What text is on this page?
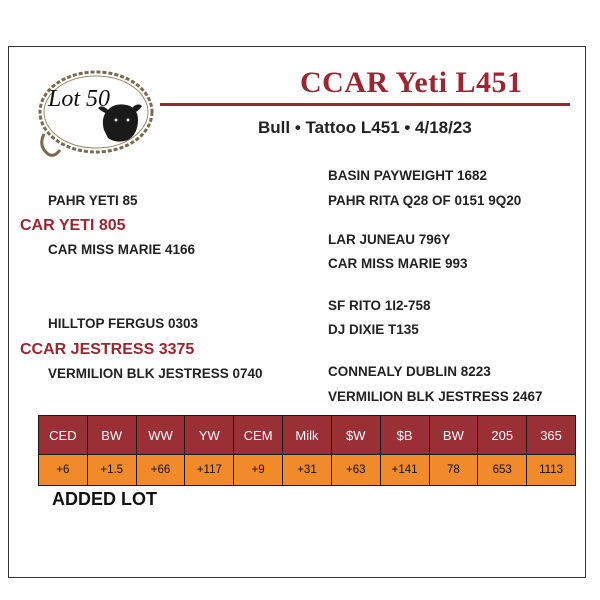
Lot 50	CCAR Yeti L451
Bull • Tattoo L451 • 4/18/23
BASIN PAYWEIGHT 1682
PAHR YETI 85	PAHR RITA Q28 OF 0151 9Q20
CAR YETI 805
LAR JUNEAU 796Y
CAR MISS MARIE 4166
CAR MISS MARIE 993
SF RITO 1I2-758
HILLTOP FERGUS 0303	DJ DIXIE T135
CCAR JESTRESS 3375
CONNEALY DUBLIN 8223
VERMILION BLK JESTRESS 0740
VERMILION BLK JESTRESS 2467
CED	BW	WW	YW	CEM	Milk	$W	$B	BW	205	365
+6	+1.5	+66	+117	+9	+31	+63	+141	78	653	1113
ADDED LOT
